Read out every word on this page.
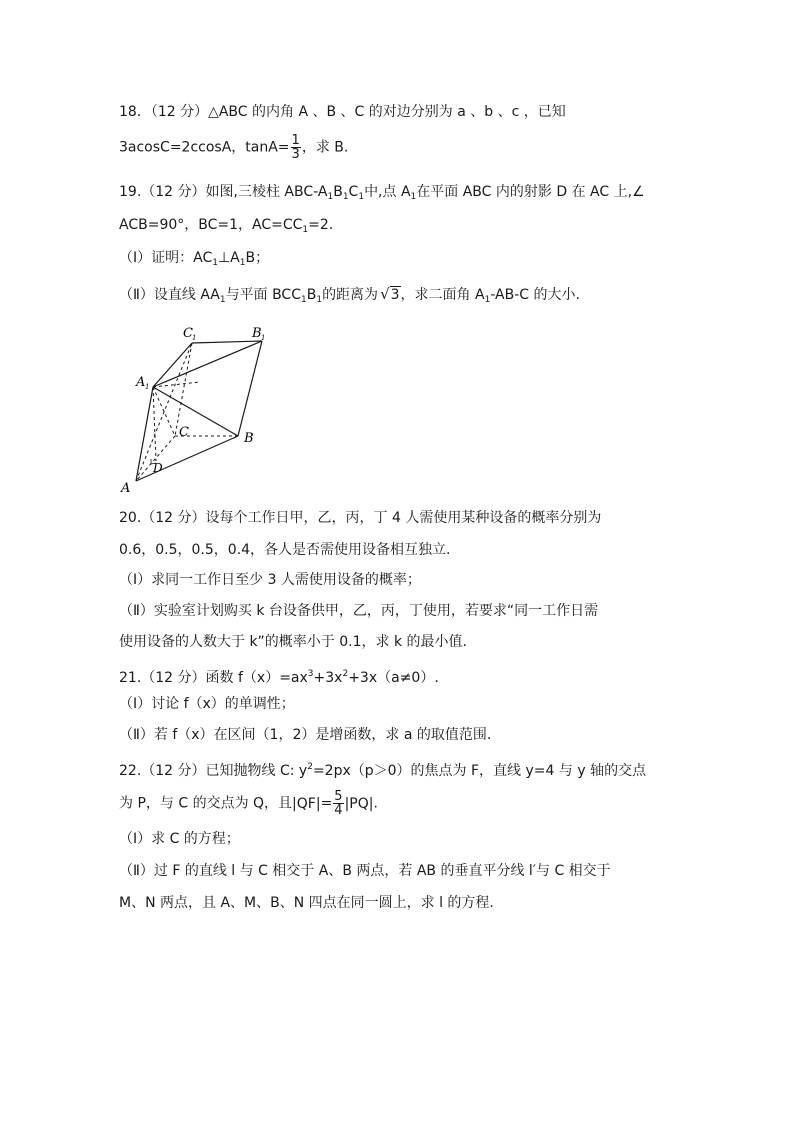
18．（12 分）△ABC 的内角 A 、B 、C 的对边分别为 a 、b 、c ，已知
3acosC=2ccosA，$\tan A= \frac{1}{3}$ ，求 B.
19.（12 分）如图,三棱柱 ABC-$A_1B_1C_1$中,点 $A_1$在平面 ABC 内的射影 D 在 AC 上,∠
ACB=90°，BC=1，$AC=CC_1=2$.
（Ⅰ）证明：$AC_1\perp A_1B$；
（Ⅱ）设直线 $AA_1$与平面 $BCC_1B_1$的距离为 √3，求二面角 $A_1-AB-C$ 的大小.
C 1	B 1
A 1
C	B
D
A
20.（12 分）设每个工作日甲，乙，丙，丁 4 人需使用某种设备的概率分别为
0.6，0.5，0.5，0.4，各人是否需使用设备相互独立.
（Ⅰ）求同一工作日至少 3 人需使用设备的概率；
（Ⅱ）实验室计划购买 k 台设备供甲，乙，丙，丁使用，若要求“同一工作日需
使用设备的人数大于 k”的概率小于 0.1，求 k 的最小值.
21.（12 分）函数 $f(x)=ax^3+3x^2+3x(a\ne 0)$.
（Ⅰ）讨论 f（x）的单调性；
（Ⅱ）若 f（x）在区间（1，2）是增函数，求 a 的取值范围.
22.（12 分）已知抛物线 C: $y^2=2px(p>0)$的焦点为 F，直线 y=4 与 y 轴的交点
为 P，与 C 的交点为 Q，且$|QF|= \frac{5}{4} |PQ|$.
（Ⅰ）求 C 的方程；
（Ⅱ）过 F 的直线 l 与 C 相交于 A、B 两点，若 AB 的垂直平分线 l′与 C 相交于
M、N 两点，且 A、M、B、N 四点在同一圆上，求 l 的方程.
